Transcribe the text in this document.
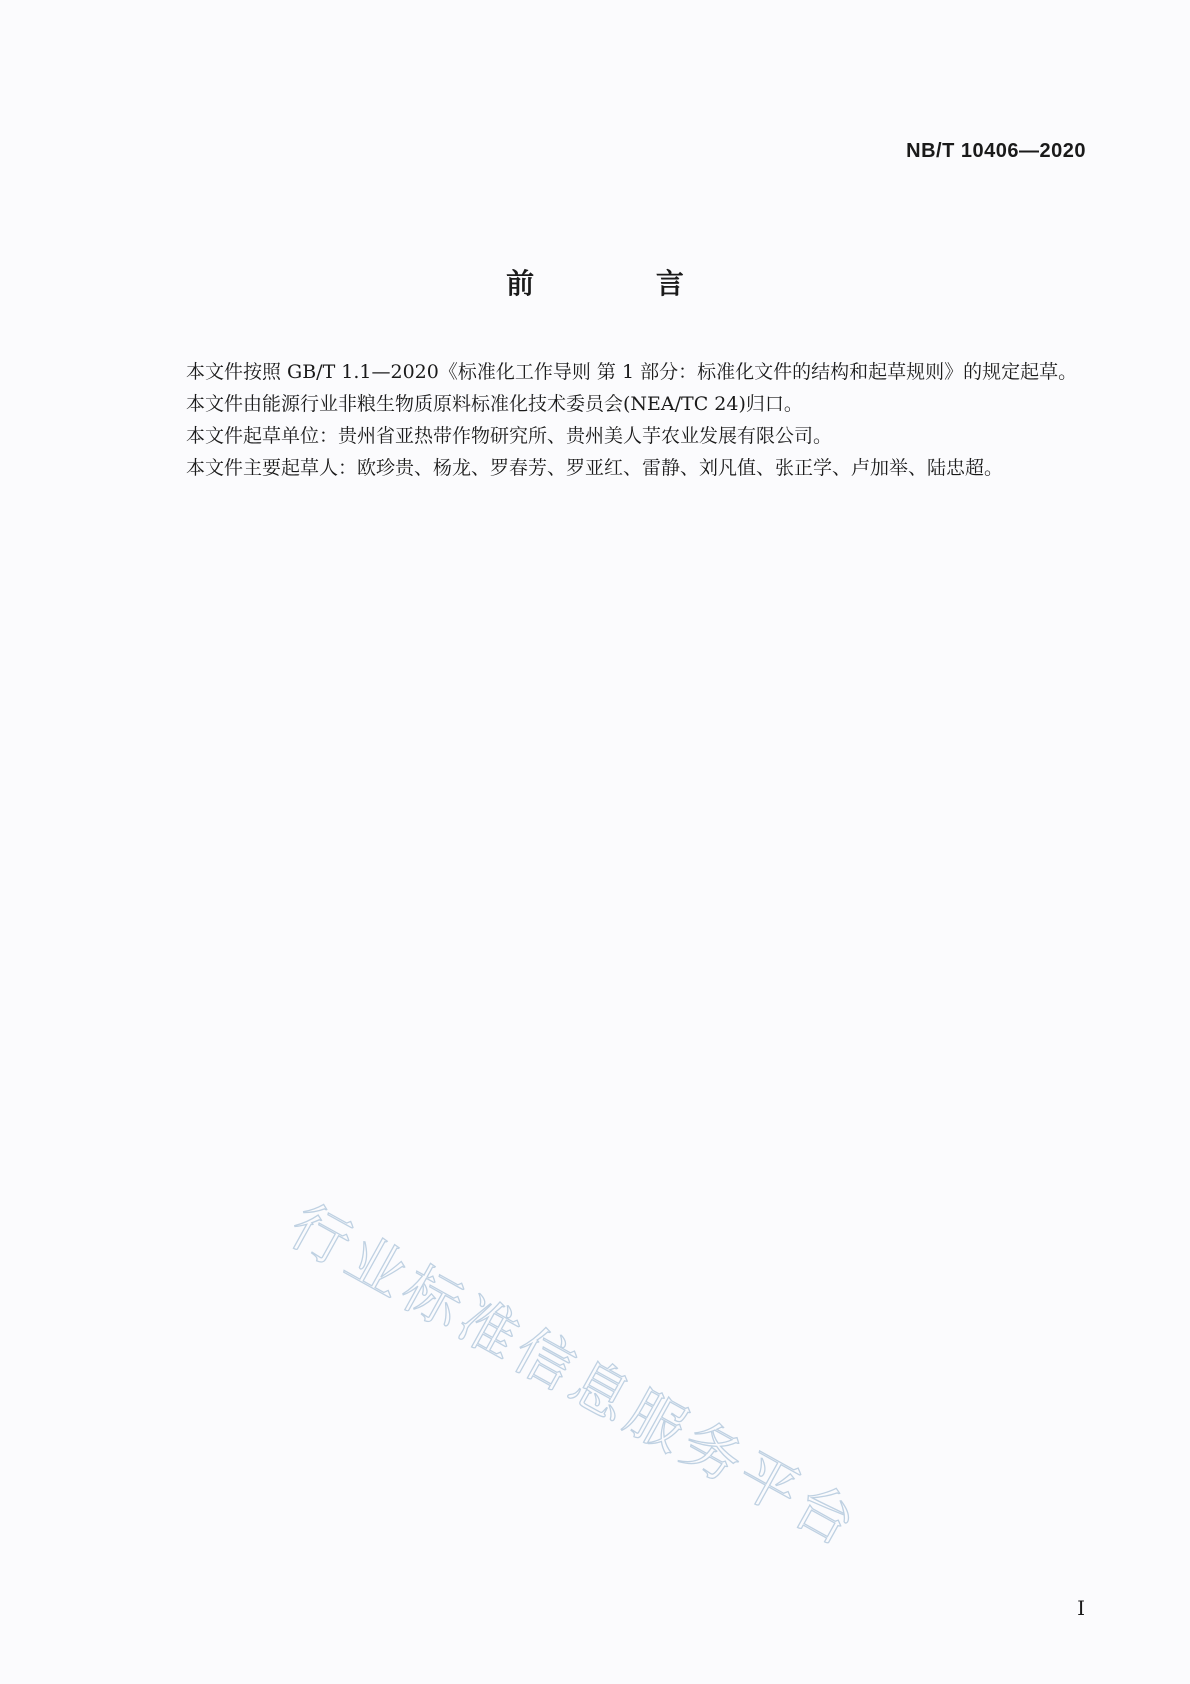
NB/T 10406—2020
前 言

本文件按照 GB/T 1.1—2020《标准化工作导则 第 1 部分：标准化文件的结构和起草规则》的规定起草。

本文件由能源行业非粮生物质原料标准化技术委员会(NEA/TC 24)归口。

本文件起草单位：贵州省亚热带作物研究所、贵州美人芋农业发展有限公司。

本文件主要起草人：欧珍贵、杨龙、罗春芳、罗亚红、雷静、刘凡值、张正学、卢加举、陆忠超。

行业标准信息服务平台
I
